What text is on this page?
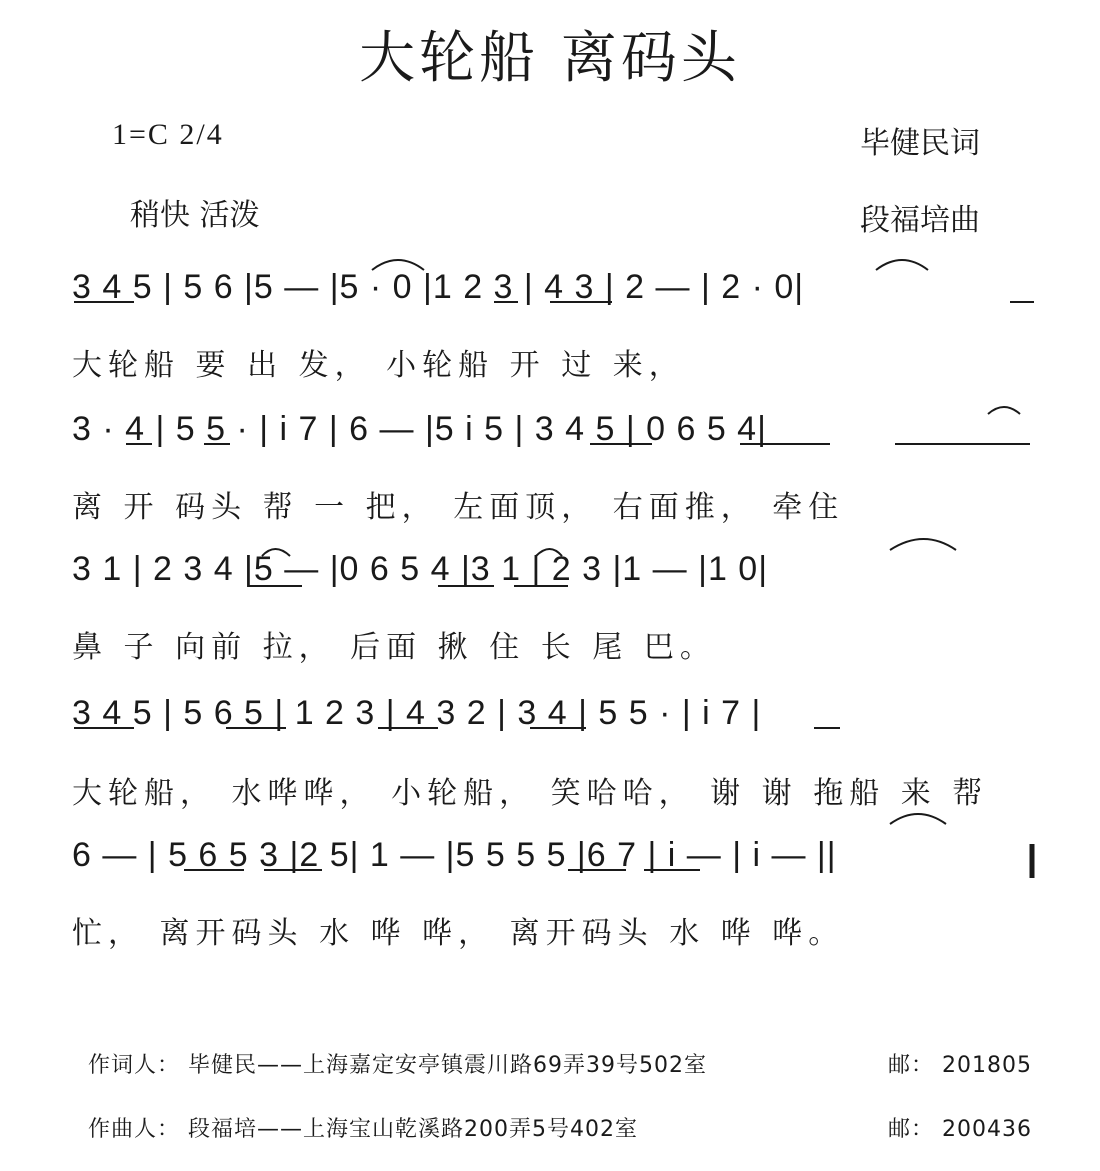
大轮船 离码头
1=C 2/4
稍快 活泼
毕健民词
段福培曲
3 4 5 | 5 6 |5 — |5 · 0 |1 2 3 | 4 3 | 2 — | 2 · 0|
大轮船 要 出 发， 小轮船 开 过 来，
3 · 4 | 5 5 · | i 7 | 6 — |5 i 5 | 3 4 5 | 0 6 5 4|
离 开 码头 帮 一 把， 左面顶， 右面推， 牵住
3 1 | 2 3 4 |5 — |0 6 5 4 |3 1 | 2 3 |1 — |1 0|
鼻 子 向前 拉， 后面 揪 住 长 尾 巴。
3 4 5 | 5 6 5 | 1 2 3 | 4 3 2 | 3 4 | 5 5 · | i 7 |
大轮船， 水哗哗， 小轮船， 笑哈哈， 谢 谢 拖船 来 帮
6 — | 5 6 5 3 |2 5| 1 — |5 5 5 5 |6 7 | i — | i — ||
忙， 离开码头 水 哗 哗， 离开码头 水 哗 哗。
作词人： 毕健民——上海嘉定安亭镇震川路69弄39号502室	邮： 201805
作曲人： 段福培——上海宝山乾溪路200弄5号402室	邮： 200436
